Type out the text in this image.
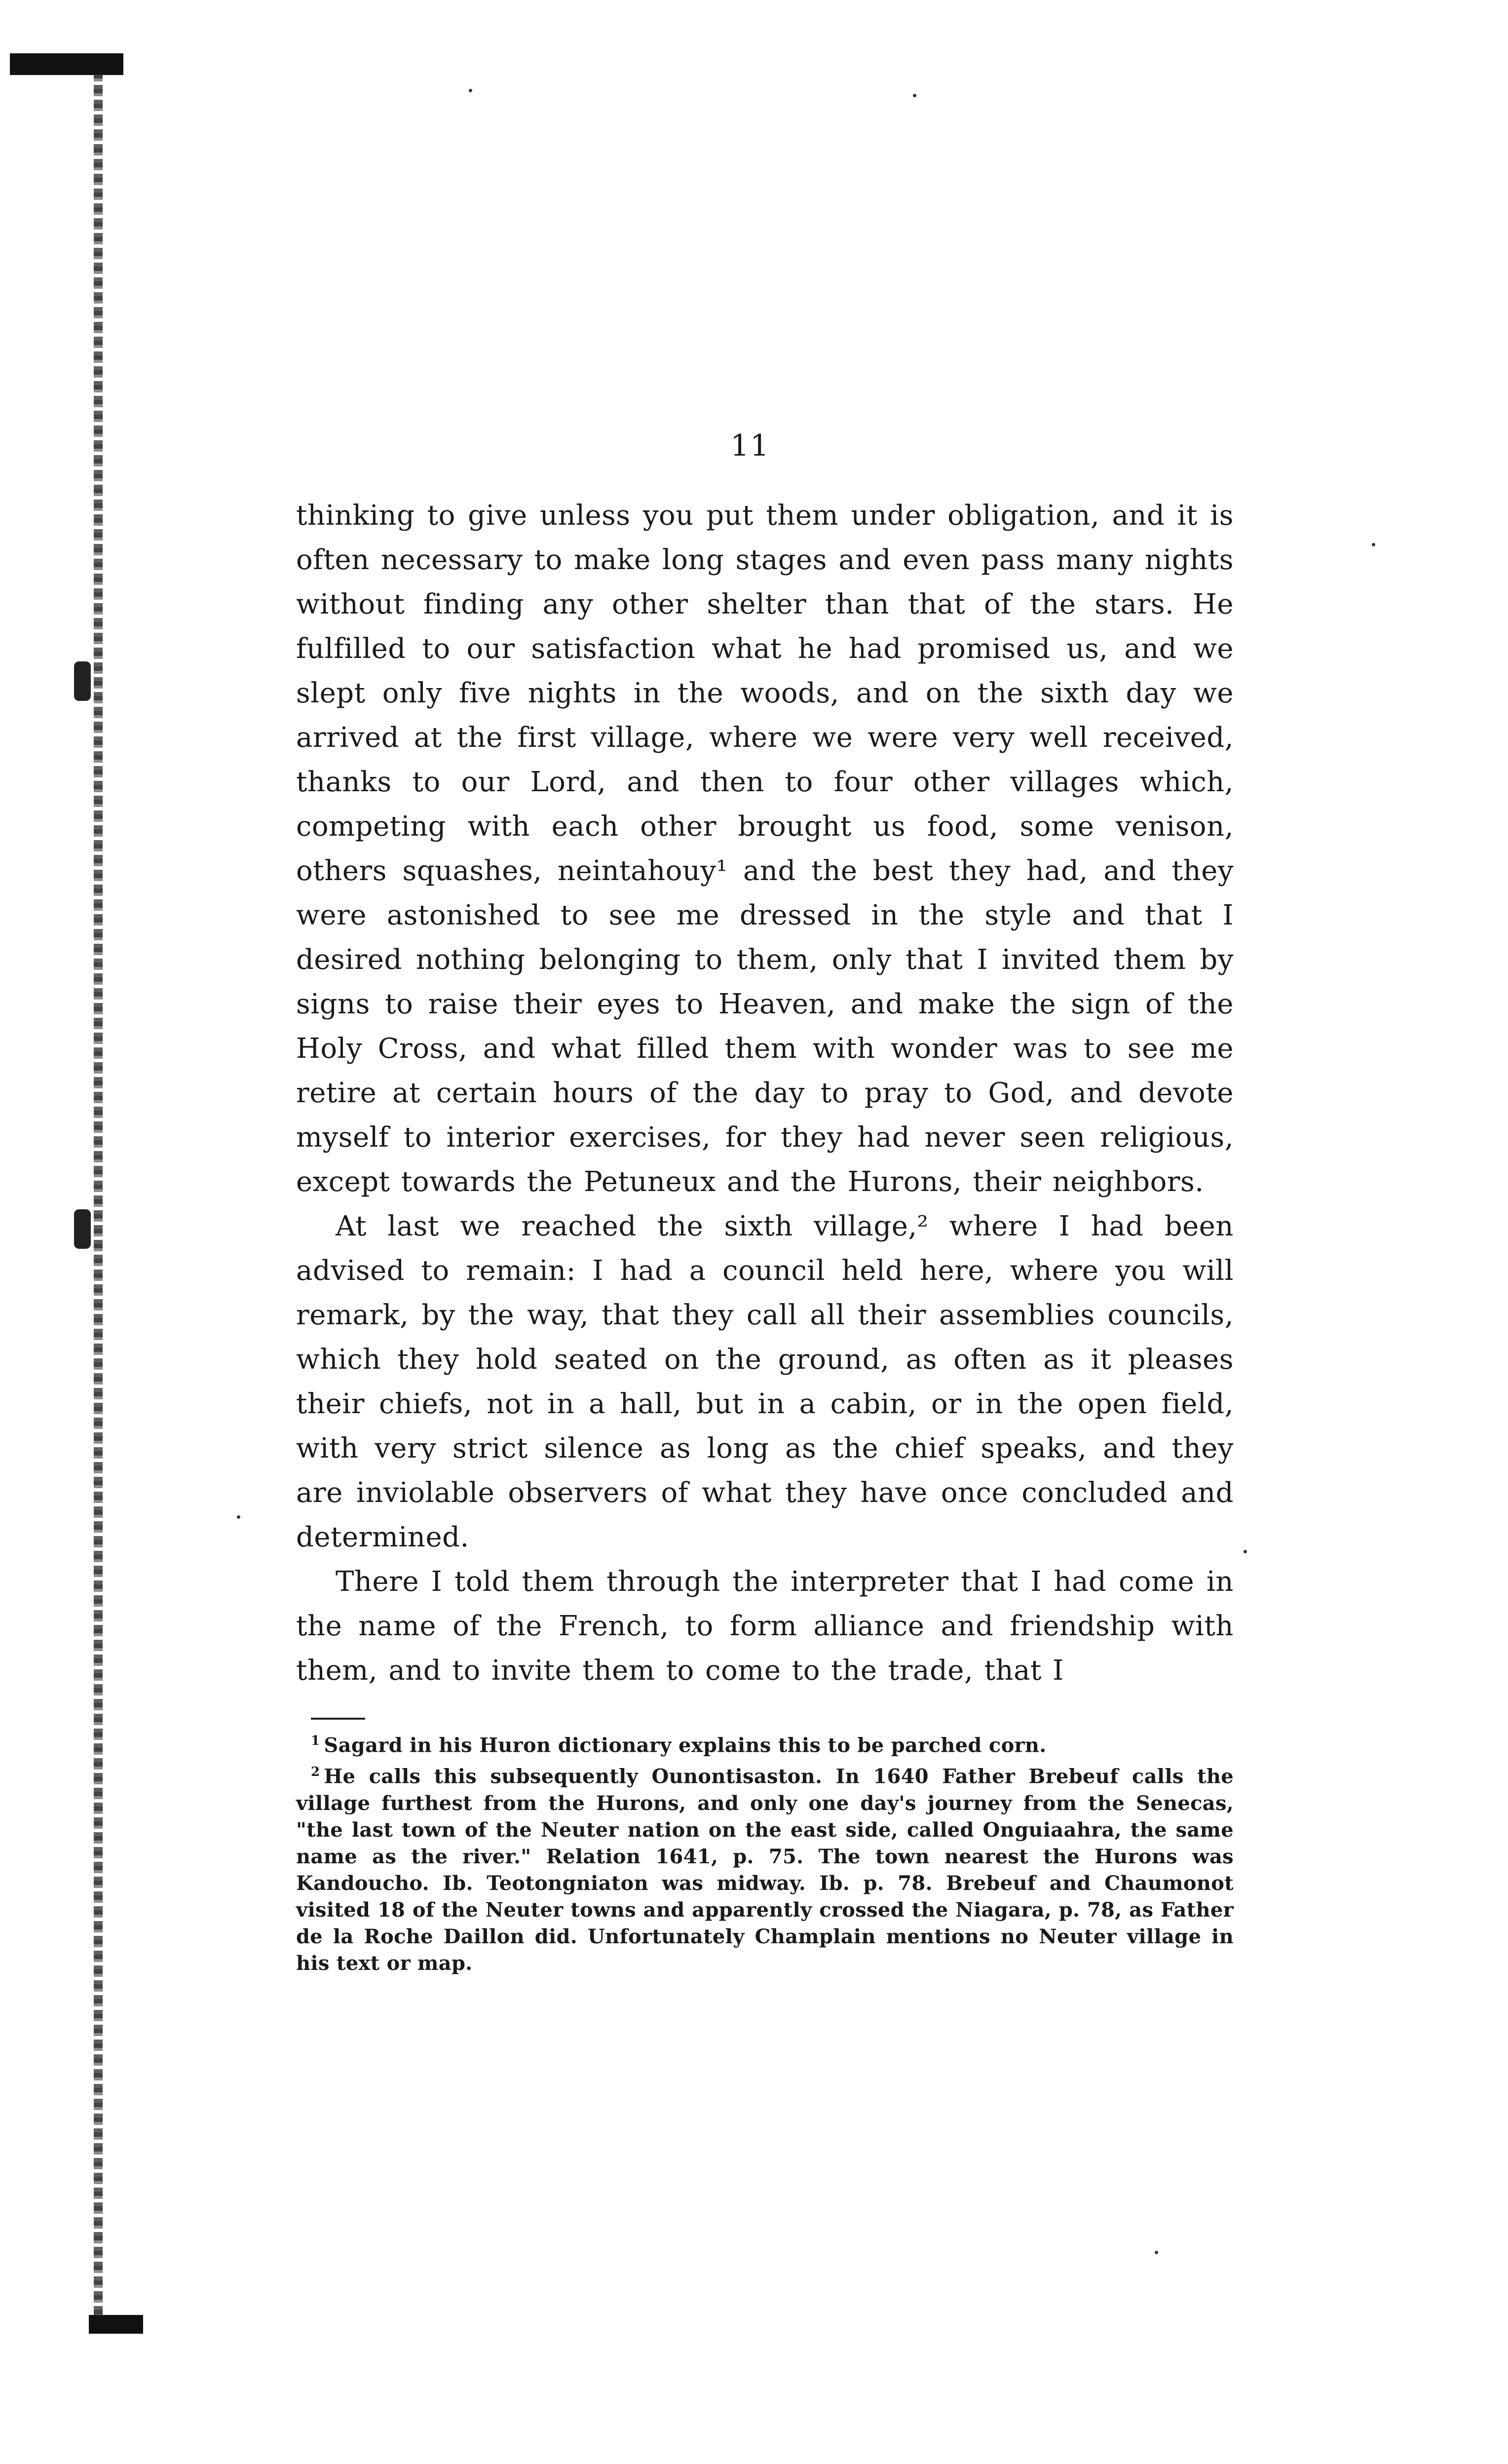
11

thinking to give unless you put them under obligation, and it is often necessary to make long stages and even pass many nights without finding any other shelter than that of the stars. He fulfilled to our satisfaction what he had promised us, and we slept only five nights in the woods, and on the sixth day we arrived at the first village, where we were very well received, thanks to our Lord, and then to four other villages which, competing with each other brought us food, some venison, others squashes, neintahouy¹ and the best they had, and they were astonished to see me dressed in the style and that I desired nothing belonging to them, only that I invited them by signs to raise their eyes to Heaven, and make the sign of the Holy Cross, and what filled them with wonder was to see me retire at certain hours of the day to pray to God, and devote myself to interior exercises, for they had never seen religious, except towards the Petuneux and the Hurons, their neighbors.

At last we reached the sixth village,² where I had been advised to remain: I had a council held here, where you will remark, by the way, that they call all their assemblies councils, which they hold seated on the ground, as often as it pleases their chiefs, not in a hall, but in a cabin, or in the open field, with very strict silence as long as the chief speaks, and they are inviolable observers of what they have once concluded and determined.

There I told them through the interpreter that I had come in the name of the French, to form alliance and friendship with them, and to invite them to come to the trade, that I

$^1$ Sagard in his Huron dictionary explains this to be parched corn.

$^2$ He calls this subsequently Ounontisaston. In 1640 Father Brebeuf calls the village furthest from the Hurons, and only one day's journey from the Senecas, "the last town of the Neuter nation on the east side, called Onguiaahra, the same name as the river." Relation 1641, p. 75. The town nearest the Hurons was Kandoucho. Ib. Teotongniaton was midway. Ib. p. 78. Brebeuf and Chaumonot visited 18 of the Neuter towns and apparently crossed the Niagara, p. 78, as Father de la Roche Daillon did. Unfortunately Champlain mentions no Neuter village in his text or map.
